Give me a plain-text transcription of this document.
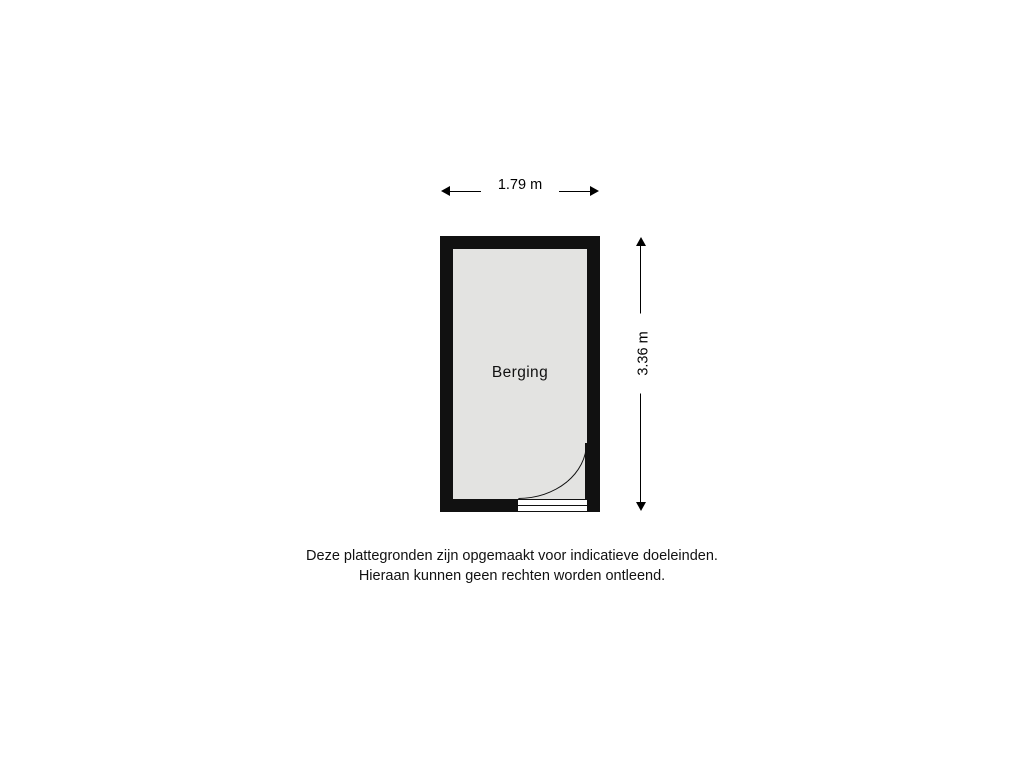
1.79 m
Berging	3.36 m
Deze plattegronden zijn opgemaakt voor indicatieve doeleinden.
Hieraan kunnen geen rechten worden ontleend.
